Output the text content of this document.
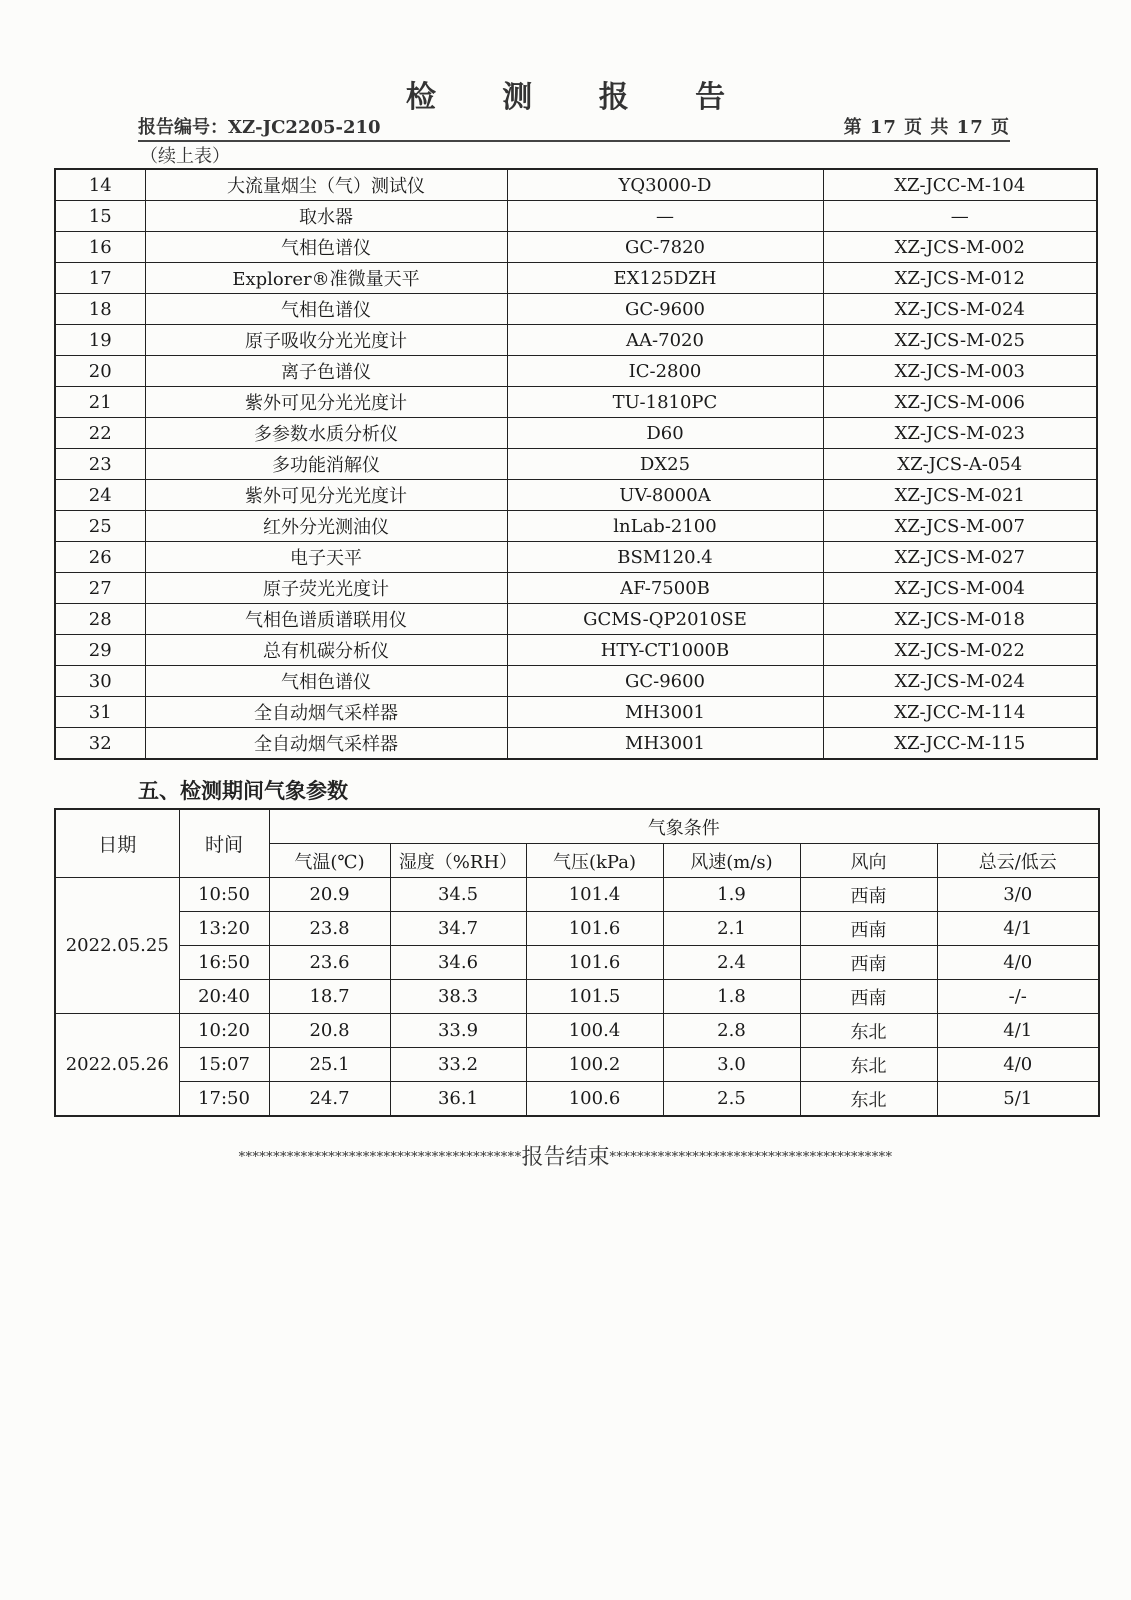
检 测 报 告
报告编号：XZ-JC2205-210	第 17 页 共 17 页
（续上表）
14	大流量烟尘（气）测试仪	YQ3000-D	XZ-JCC-M-104
15	取水器	—	—
16	气相色谱仪	GC-7820	XZ-JCS-M-002
17	Explorer®准微量天平	EX125DZH	XZ-JCS-M-012
18	气相色谱仪	GC-9600	XZ-JCS-M-024
19	原子吸收分光光度计	AA-7020	XZ-JCS-M-025
20	离子色谱仪	IC-2800	XZ-JCS-M-003
21	紫外可见分光光度计	TU-1810PC	XZ-JCS-M-006
22	多参数水质分析仪	D60	XZ-JCS-M-023
23	多功能消解仪	DX25	XZ-JCS-A-054
24	紫外可见分光光度计	UV-8000A	XZ-JCS-M-021
25	红外分光测油仪	lnLab-2100	XZ-JCS-M-007
26	电子天平	BSM120.4	XZ-JCS-M-027
27	原子荧光光度计	AF-7500B	XZ-JCS-M-004
28	气相色谱质谱联用仪	GCMS-QP2010SE	XZ-JCS-M-018
29	总有机碳分析仪	HTY-CT1000B	XZ-JCS-M-022
30	气相色谱仪	GC-9600	XZ-JCS-M-024
31	全自动烟气采样器	MH3001	XZ-JCC-M-114
32	全自动烟气采样器	MH3001	XZ-JCC-M-115
五、检测期间气象参数
日期	时间	气象条件					
		气温(℃)	湿度（%RH）	气压(kPa)	风速(m/s)	风向	总云/低云
2022.05.25	10:50	20.9	34.5	101.4	1.9	西南	3/0
	13:20	23.8	34.7	101.6	2.1	西南	4/1
	16:50	23.6	34.6	101.6	2.4	西南	4/0
	20:40	18.7	38.3	101.5	1.8	西南	-/-
2022.05.26	10:20	20.8	33.9	100.4	2.8	东北	4/1
	15:07	25.1	33.2	100.2	3.0	东北	4/0
	17:50	24.7	36.1	100.6	2.5	东北	5/1
*****************************************报告结束*****************************************
